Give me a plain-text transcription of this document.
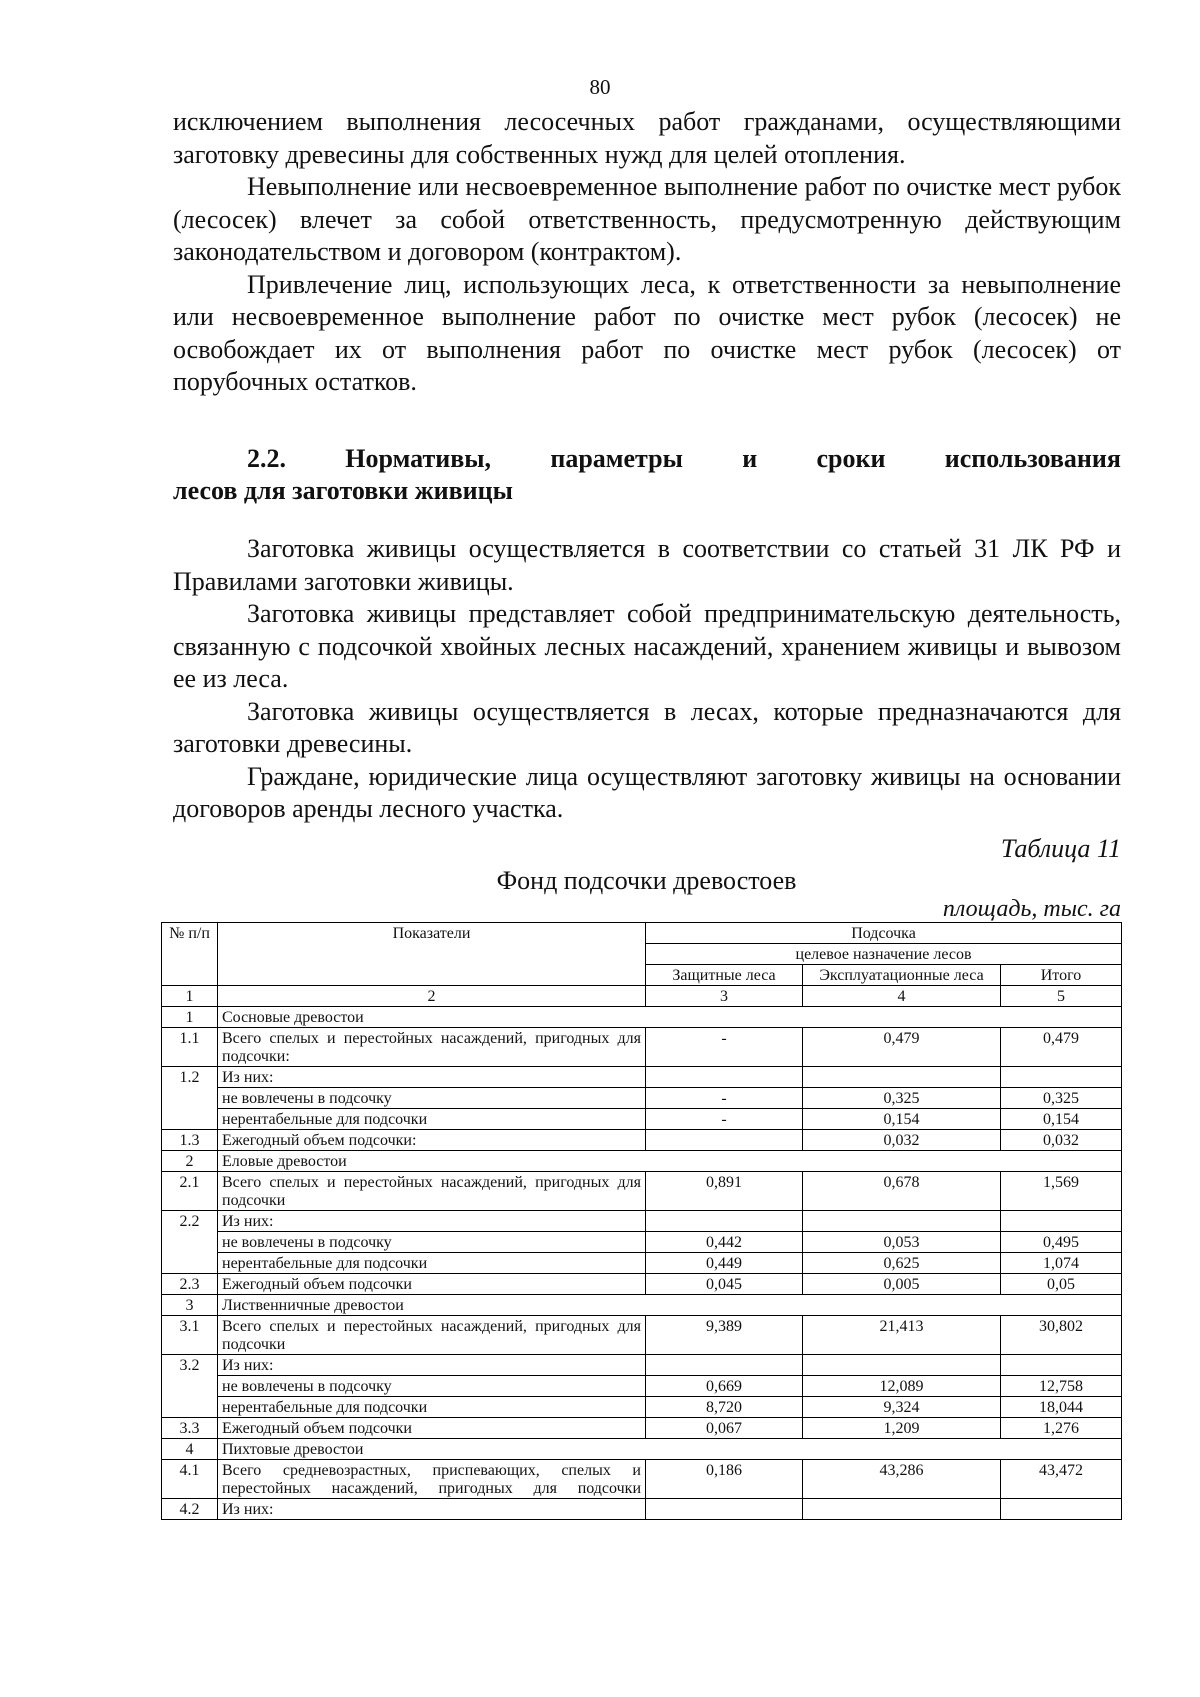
80

исключением выполнения лесосечных работ гражданами, осуществляющими заготовку древесины для собственных нужд для целей отопления.

Невыполнение или несвоевременное выполнение работ по очистке мест рубок (лесосек) влечет за собой ответственность, предусмотренную действующим законодательством и договором (контрактом).

Привлечение лиц, использующих леса, к ответственности за невыполнение или несвоевременное выполнение работ по очистке мест рубок (лесосек) не освобождает их от выполнения работ по очистке мест рубок (лесосек) от порубочных остатков.

2.2. Нормативы, параметры и сроки использования
лесов для заготовки живицы

Заготовка живицы осуществляется в соответствии со статьей 31 ЛК РФ и Правилами заготовки живицы.

Заготовка живицы представляет собой предпринимательскую деятельность, связанную с подсочкой хвойных лесных насаждений, хранением живицы и вывозом ее из леса.

Заготовка живицы осуществляется в лесах, которые предназначаются для заготовки древесины.

Граждане, юридические лица осуществляют заготовку живицы на основании договоров аренды лесного участка.

Таблица 11
Фонд подсочки древостоев
площадь, тыс. га
№ п/п	Показатели	Подсочка		
		целевое назначение лесов		
		Защитные леса	Эксплуатационные леса	Итого
1	2	3	4	5
1	Сосновые древостои			
1.1	Всего спелых и перестойных насаждений, пригодных для подсочки:	-	0,479	0,479
1.2	Из них:			
	не вовлечены в подсочку	-	0,325	0,325
	нерентабельные для подсочки	-	0,154	0,154
1.3	Ежегодный объем подсочки:		0,032	0,032
2	Еловые древостои			
2.1	Всего спелых и перестойных насаждений, пригодных для подсочки	0,891	0,678	1,569
2.2	Из них:			
	не вовлечены в подсочку	0,442	0,053	0,495
	нерентабельные для подсочки	0,449	0,625	1,074
2.3	Ежегодный объем подсочки	0,045	0,005	0,05
3	Лиственничные древостои			
3.1	Всего спелых и перестойных насаждений, пригодных для подсочки	9,389	21,413	30,802
3.2	Из них:			
	не вовлечены в подсочку	0,669	12,089	12,758
	нерентабельные для подсочки	8,720	9,324	18,044
3.3	Ежегодный объем подсочки	0,067	1,209	1,276
4	Пихтовые древостои			
4.1	Всего средневозрастных, приспевающих, спелых и перестойных насаждений, пригодных для подсочки	0,186	43,286	43,472
4.2	Из них:			
